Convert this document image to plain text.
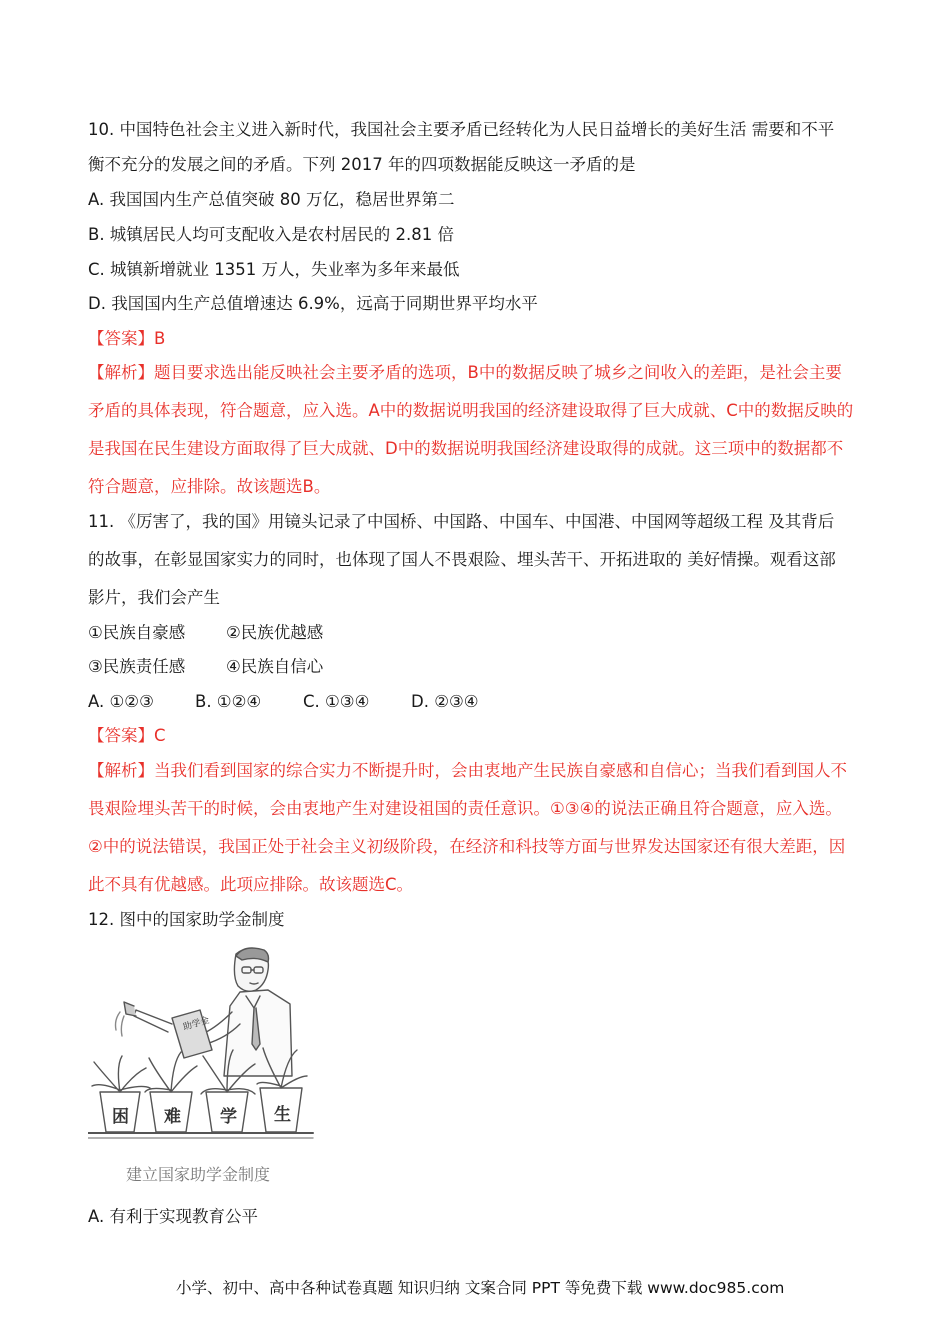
10. 中国特色社会主义进入新时代，我国社会主要矛盾已经转化为人民日益增长的美好生活 需要和不平
衡不充分的发展之间的矛盾。下列 2017 年的四项数据能反映这一矛盾的是
A. 我国国内生产总值突破 80 万亿，稳居世界第二
B. 城镇居民人均可支配收入是农村居民的 2.81 倍
C. 城镇新增就业 1351 万人，失业率为多年来最低
D. 我国国内生产总值增速达 6.9%，远高于同期世界平均水平
【答案】B
【解析】题目要求选出能反映社会主要矛盾的选项，B中的数据反映了城乡之间收入的差距，是社会主要
矛盾的具体表现，符合题意，应入选。A中的数据说明我国的经济建设取得了巨大成就、C中的数据反映的
是我国在民生建设方面取得了巨大成就、D中的数据说明我国经济建设取得的成就。这三项中的数据都不
符合题意，应排除。故该题选B。
11. 《厉害了，我的国》用镜头记录了中国桥、中国路、中国车、中国港、中国网等超级工程 及其背后
的故事，在彰显国家实力的同时，也体现了国人不畏艰险、埋头苦干、开拓进取的 美好情操。观看这部
影片，我们会产生
①民族自豪感 ②民族优越感
③民族责任感 ④民族自信心
A. ①②③ B. ①②④	C. ①③④	D. ②③④
【答案】C
【解析】当我们看到国家的综合实力不断提升时，会由衷地产生民族自豪感和自信心；当我们看到国人不
畏艰险埋头苦干的时候，会由衷地产生对建设祖国的责任意识。①③④的说法正确且符合题意，应入选。
②中的说法错误，我国正处于社会主义初级阶段，在经济和科技等方面与世界发达国家还有很大差距，因
此不具有优越感。此项应排除。故该题选C。
12. 图中的国家助学金制度
助学金
困 难 学 生
建立国家助学金制度
A. 有利于实现教育公平
小学、初中、高中各种试卷真题 知识归纳 文案合同 PPT 等免费下载 www.doc985.com
